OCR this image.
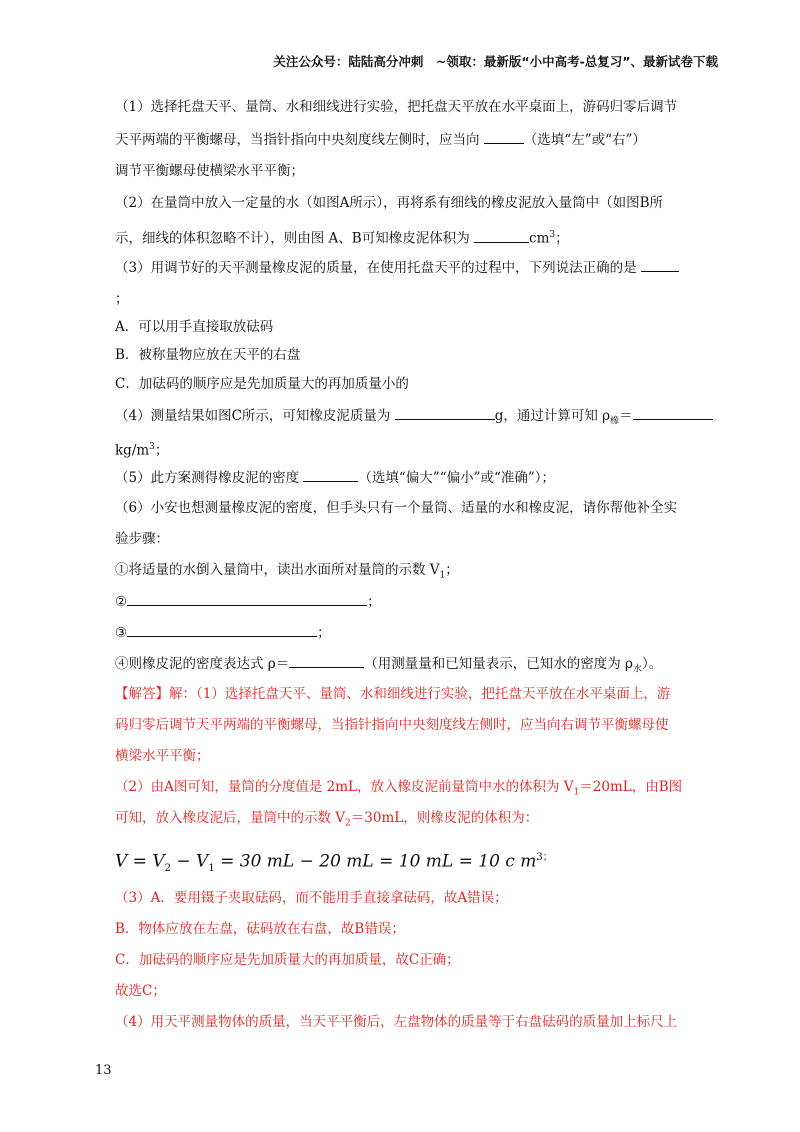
关注公众号：陆陆高分冲刺　~领取：最新版“小中高考-总复习”、最新试卷下载
（1）选择托盘天平、量筒、水和细线进行实验，把托盘天平放在水平桌面上，游码归零后调节
天平两端的平衡螺母，当指针指向中央刻度线左侧时，应当向	（选填“左”或“右”）
调节平衡螺母使横梁水平平衡；
（2）在量筒中放入一定量的水（如图A所示），再将系有细线的橡皮泥放入量筒中（如图B所
示，细线的体积忽略不计），则由图 A、B可知橡皮泥体积为	$cm^3$；
（3）用调节好的天平测量橡皮泥的质量，在使用托盘天平的过程中，下列说法正确的是
；
A．可以用手直接取放砝码
B．被称量物应放在天平的右盘
C．加砝码的顺序应是先加质量大的再加质量小的
（4）测量结果如图C所示，可知橡皮泥质量为	g，通过计算可知 $\rho_橡=$
$kg/m^3$；
（5）此方案测得橡皮泥的密度	（选填“偏大”“偏小”或“准确”）；
（6）小安也想测量橡皮泥的密度，但手头只有一个量筒、适量的水和橡皮泥，请你帮他补全实
验步骤：
①将适量的水倒入量筒中，读出水面所对量筒的示数 $V_1$；
②	；
③	；
④则橡皮泥的密度表达式 ρ＝	（用测量量和已知量表示，已知水的密度为 $\rho_水$）。
【解答】解：（1）选择托盘天平、量筒、水和细线进行实验，把托盘天平放在水平桌面上，游
码归零后调节天平两端的平衡螺母，当指针指向中央刻度线左侧时，应当向右调节平衡螺母使
横梁水平平衡；
（2）由A图可知，量筒的分度值是 2mL，放入橡皮泥前量筒中水的体积为 $V_1=20mL$，由B图
可知，放入橡皮泥后，量筒中的示数 $V_2=30mL$，则橡皮泥的体积为：
$V = V_2 - V_1 = 30$ mL − 20 mL = 10 mL = 10 c $m^{3;}$
（3）A．要用镊子夹取砝码，而不能用手直接拿砝码，故A错误；
B．物体应放在左盘，砝码放在右盘，故B错误；
C．加砝码的顺序应是先加质量大的再加质量，故C正确；
故选C；
（4）用天平测量物体的质量，当天平平衡后，左盘物体的质量等于右盘砝码的质量加上标尺上
13
